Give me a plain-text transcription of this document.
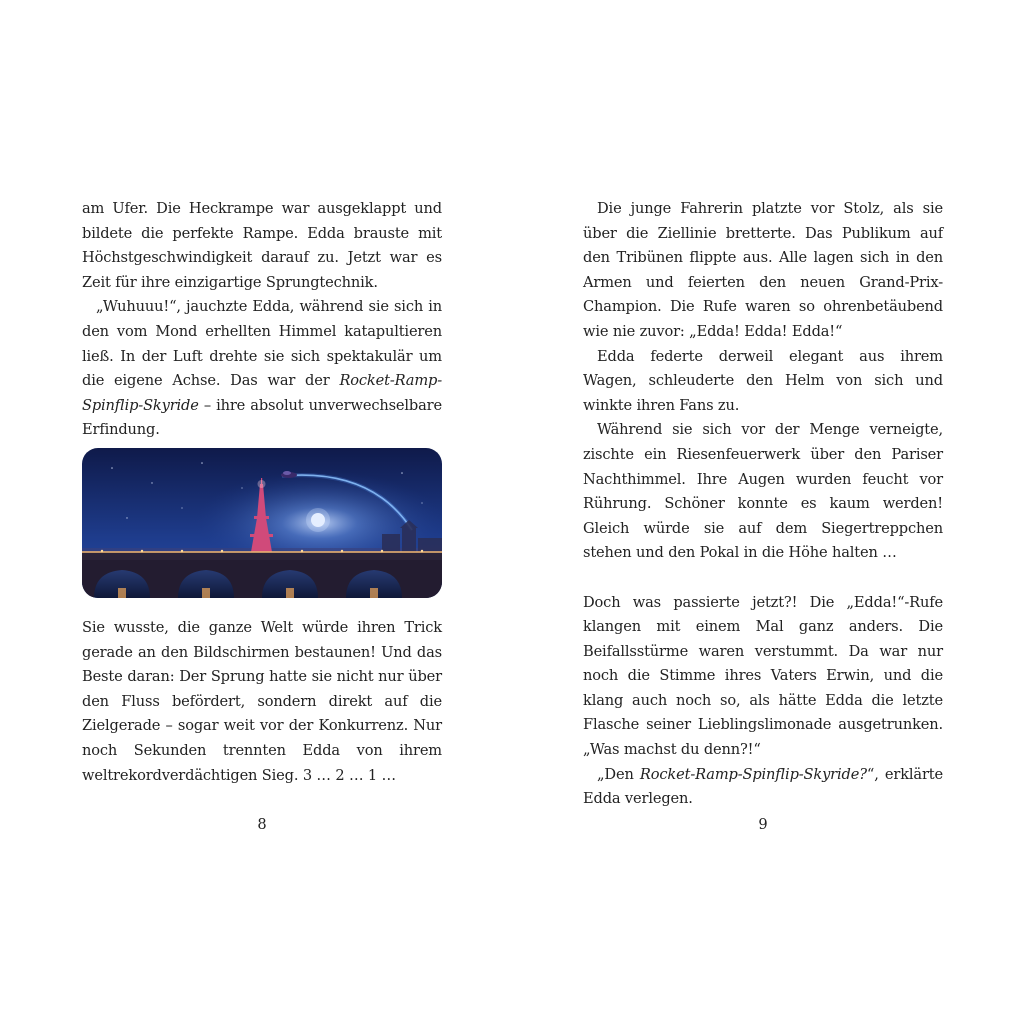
am Ufer. Die Heckrampe war ausgeklappt und bildete die perfekte Rampe. Edda brauste mit Höchstgeschwindigkeit darauf zu. Jetzt war es Zeit für ihre einzigartige Sprungtechnik.

„Wuhuuu!“, jauchzte Edda, während sie sich in den vom Mond erhellten Himmel katapultieren ließ. In der Luft drehte sie sich spektakulär um die eigene Achse. Das war der Rocket-Ramp-Spinflip-Skyride – ihre absolut unverwechselbare Erfindung.

Sie wusste, die ganze Welt würde ihren Trick gerade an den Bildschirmen bestaunen! Und das Beste daran: Der Sprung hatte sie nicht nur über den Fluss befördert, sondern direkt auf die Zielgerade – sogar weit vor der Konkurrenz. Nur noch Sekunden trennten Edda von ihrem weltrekordverdächtigen Sieg. 3 … 2 … 1 …

8

Die junge Fahrerin platzte vor Stolz, als sie über die Ziellinie bretterte. Das Publikum auf den Tribünen flippte aus. Alle lagen sich in den Armen und feierten den neuen Grand-Prix-Champion. Die Rufe waren so ohrenbetäubend wie nie zuvor: „Edda! Edda! Edda!“

Edda federte derweil elegant aus ihrem Wagen, schleuderte den Helm von sich und winkte ihren Fans zu.

Während sie sich vor der Menge verneigte, zischte ein Riesenfeuerwerk über den Pariser Nachthimmel. Ihre Augen wurden feucht vor Rührung. Schöner konnte es kaum werden! Gleich würde sie auf dem Siegertreppchen stehen und den Pokal in die Höhe halten …

Doch was passierte jetzt?! Die „Edda!“-Rufe klangen mit einem Mal ganz anders. Die Beifallsstürme waren verstummt. Da war nur noch die Stimme ihres Vaters Erwin, und die klang auch noch so, als hätte Edda die letzte Flasche seiner Lieblingslimonade ausgetrunken. „Was machst du denn?!“

„Den Rocket-Ramp-Spinflip-Skyride?“, erklärte Edda verlegen.

9
